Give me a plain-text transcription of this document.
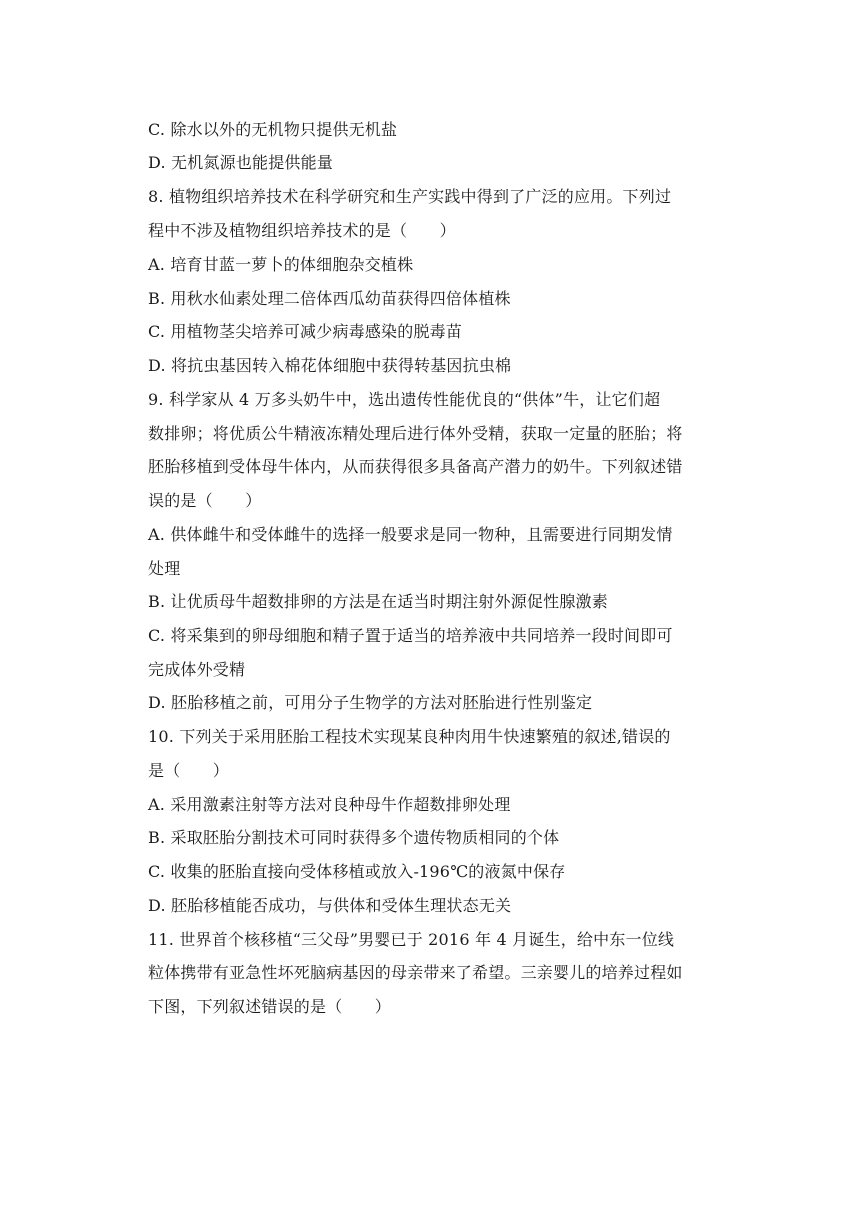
C. 除水以外的无机物只提供无机盐
D. 无机氮源也能提供能量
8. 植物组织培养技术在科学研究和生产实践中得到了广泛的应用。下列过
程中不涉及植物组织培养技术的是（　　）
A. 培育甘蓝一萝卜的体细胞杂交植株
B. 用秋水仙素处理二倍体西瓜幼苗获得四倍体植株
C. 用植物茎尖培养可减少病毒感染的脱毒苗
D. 将抗虫基因转入棉花体细胞中获得转基因抗虫棉
9. 科学家从 4 万多头奶牛中，选出遗传性能优良的“供体”牛，让它们超
数排卵；将优质公牛精液冻精处理后进行体外受精，获取一定量的胚胎；将
胚胎移植到受体母牛体内，从而获得很多具备高产潜力的奶牛。下列叙述错
误的是（　　）
A. 供体雌牛和受体雌牛的选择一般要求是同一物种，且需要进行同期发情
处理
B. 让优质母牛超数排卵的方法是在适当时期注射外源促性腺激素
C. 将采集到的卵母细胞和精子置于适当的培养液中共同培养一段时间即可
完成体外受精
D. 胚胎移植之前，可用分子生物学的方法对胚胎进行性别鉴定
10. 下列关于采用胚胎工程技术实现某良种肉用牛快速繁殖的叙述,错误的
是（　　）
A. 采用激素注射等方法对良种母牛作超数排卵处理
B. 采取胚胎分割技术可同时获得多个遗传物质相同的个体
C. 收集的胚胎直接向受体移植或放入-196℃的液氮中保存
D. 胚胎移植能否成功，与供体和受体生理状态无关
11. 世界首个核移植“三父母”男婴已于 2016 年 4 月诞生，给中东一位线
粒体携带有亚急性坏死脑病基因的母亲带来了希望。三亲婴儿的培养过程如
下图，下列叙述错误的是（　　）
